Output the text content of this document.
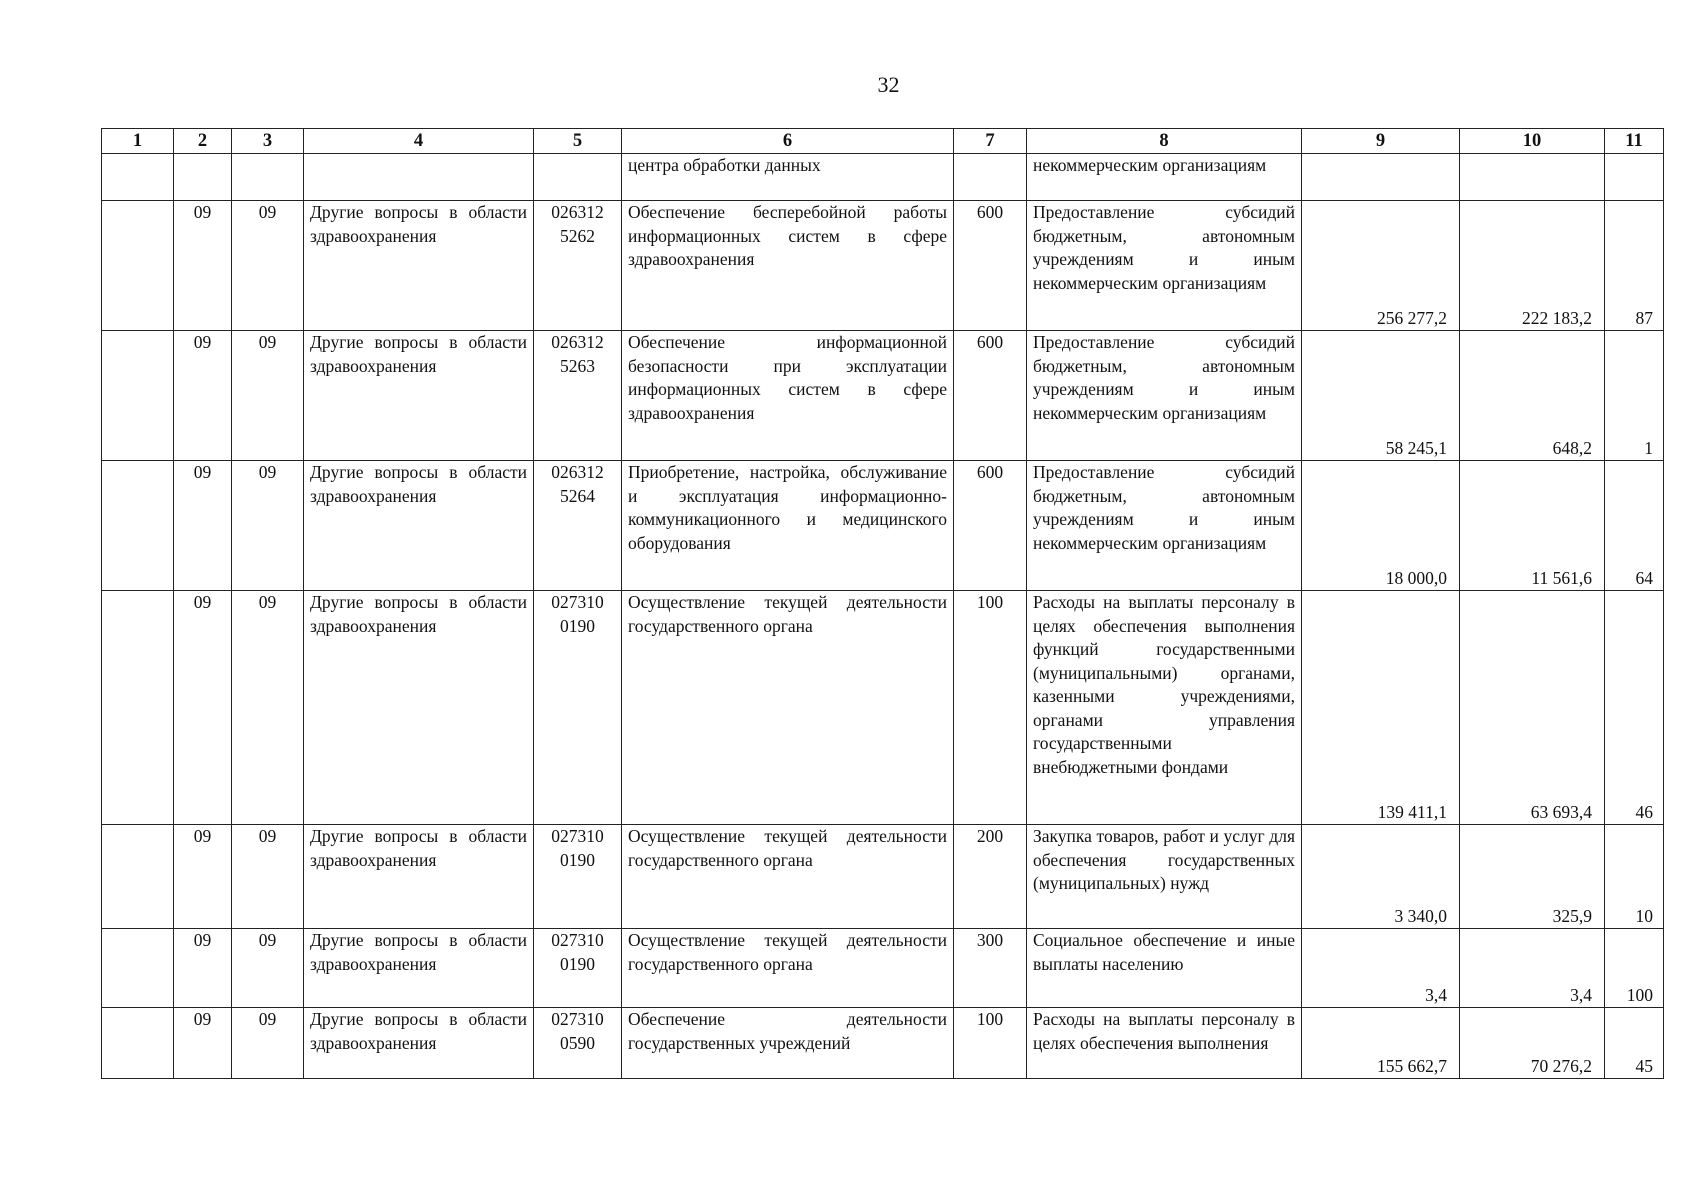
32
1	2	3	4	5	6	7	8	9	10	11
					центра обработки данных		некоммерческим организациям			
	09	09	Другие вопросы в области здравоохранения	026312 5262	Обеспечение бесперебойной работы информационных систем в сфере здравоохранения	600	Предоставление субсидий бюджетным, автономным учреждениям и иным некоммерческим организациям	256 277,2	222 183,2	87
	09	09	Другие вопросы в области здравоохранения	026312 5263	Обеспечение информационной безопасности при эксплуатации информационных систем в сфере здравоохранения	600	Предоставление субсидий бюджетным, автономным учреждениям и иным некоммерческим организациям	58 245,1	648,2	1
	09	09	Другие вопросы в области здравоохранения	026312 5264	Приобретение, настройка, обслуживание и эксплуатация информационно-коммуникационного и медицинского оборудования	600	Предоставление субсидий бюджетным, автономным учреждениям и иным некоммерческим организациям	18 000,0	11 561,6	64
	09	09	Другие вопросы в области здравоохранения	027310 0190	Осуществление текущей деятельности государственного органа	100	Расходы на выплаты персоналу в целях обеспечения выполнения функций государственными (муниципальными) органами, казенными учреждениями, органами управления государственными внебюджетными фондами	139 411,1	63 693,4	46
	09	09	Другие вопросы в области здравоохранения	027310 0190	Осуществление текущей деятельности государственного органа	200	Закупка товаров, работ и услуг для обеспечения государственных (муниципальных) нужд	3 340,0	325,9	10
	09	09	Другие вопросы в области здравоохранения	027310 0190	Осуществление текущей деятельности государственного органа	300	Социальное обеспечение и иные выплаты населению	3,4	3,4	100
	09	09	Другие вопросы в области здравоохранения	027310 0590	Обеспечение деятельности государственных учреждений	100	Расходы на выплаты персоналу в целях обеспечения выполнения	155 662,7	70 276,2	45
